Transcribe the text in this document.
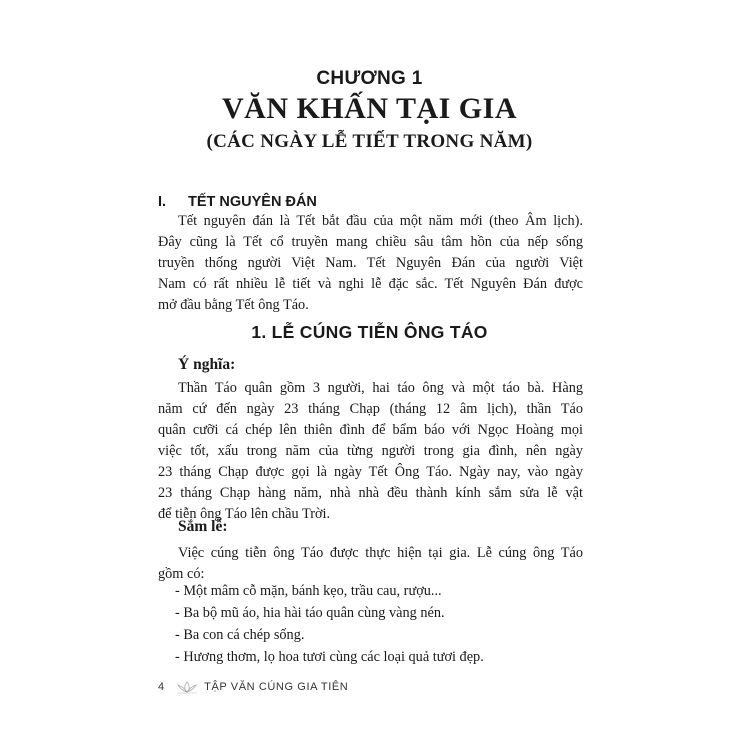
CHƯƠNG 1
VĂN KHẤN TẠI GIA
(CÁC NGÀY LỄ TIẾT TRONG NĂM)
I. TẾT NGUYÊN ĐÁN
Tết nguyên đán là Tết bắt đầu của một năm mới (theo Âm lịch).
Đây cũng là Tết cổ truyền mang chiều sâu tâm hồn của nếp sống
truyền thống người Việt Nam. Tết Nguyên Đán của người Việt
Nam có rất nhiều lễ tiết và nghi lễ đặc sắc. Tết Nguyên Đán được
mở đầu bằng Tết ông Táo.
1. LỄ CÚNG TIỄN ÔNG TÁO
Ý nghĩa:
Thần Táo quân gồm 3 người, hai táo ông và một táo bà. Hàng
năm cứ đến ngày 23 tháng Chạp (tháng 12 âm lịch), thần Táo
quân cưỡi cá chép lên thiên đình để bẩm báo với Ngọc Hoàng mọi
việc tốt, xấu trong năm của từng người trong gia đình, nên ngày
23 tháng Chạp được gọi là ngày Tết Ông Táo. Ngày nay, vào ngày
23 tháng Chạp hàng năm, nhà nhà đều thành kính sắm sửa lễ vật
để tiễn ông Táo lên chầu Trời.
Sắm lễ:
Việc cúng tiễn ông Táo được thực hiện tại gia. Lễ cúng ông Táo
gồm có:
- Một mâm cỗ mặn, bánh kẹo, trầu cau, rượu...
- Ba bộ mũ áo, hia hài táo quân cùng vàng nén.
- Ba con cá chép sống.
- Hương thơm, lọ hoa tươi cùng các loại quả tươi đẹp.
4	TẬP VĂN CÚNG GIA TIÊN
